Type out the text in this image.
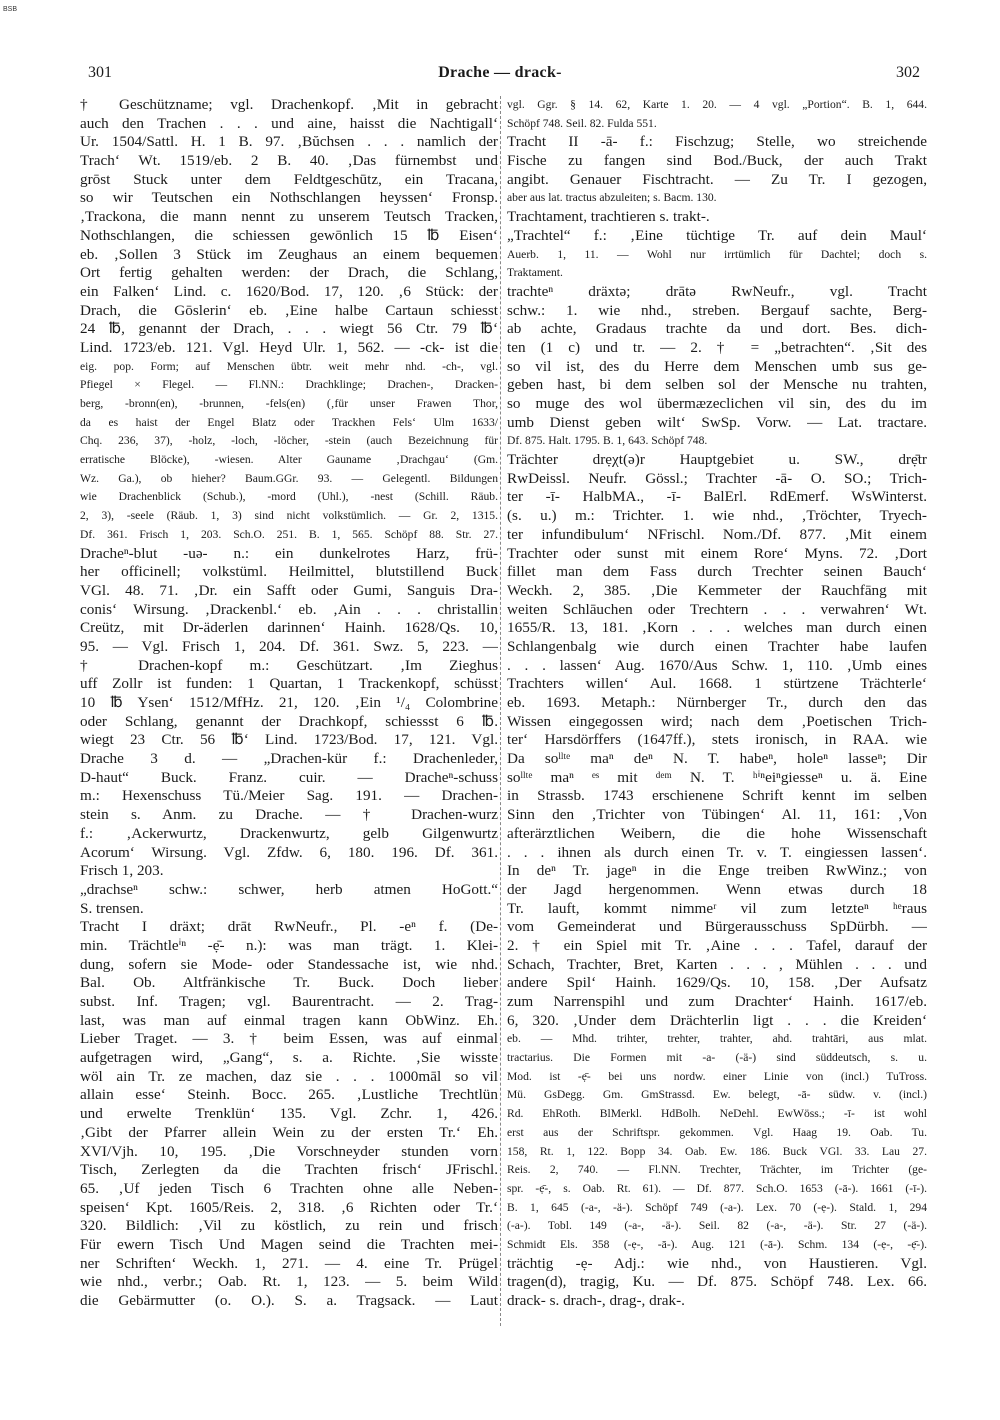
BSB
301	Drache — drack-	302
† Geschützname; vgl. Drachenkopf. ‚Mit in gebracht
auch den Trachen . . . und aine, haisst die Nachtigall‘
Ur. 1504/Sattl. H. 1 B. 97. ‚Bŭchsen . . . namlich der
Trach‘ Wt. 1519/eb. 2 B. 40. ‚Das fürnembst und
grōst Stuck unter dem Feldtgeschūtz, ein Tracana,
so wir Teutschen ein Nothschlangen heyssen‘ Fronsp.
‚Trackona, die mann nennt zu unserem Teutsch Tracken,
Nothschlangen, die schiessen gewōnlich 15 ℔ Eisen‘
eb. ‚Sollen 3 Stück im Zeughaus an einem bequemen
Ort fertig gehalten werden: der Drach, die Schlang,
ein Falken‘ Lind. c. 1620/Bod. 17, 120. ‚6 Stück: der
Drach, die Gōslerin‘ eb. ‚Eine halbe Cartaun schiesst
24 ℔, genannt der Drach, . . . wiegt 56 Ctr. 79 ℔‘
Lind. 1723/eb. 121. Vgl. Heyd Ulr. 1, 562. — -ck- ist die
eig. pop. Form; auf Menschen übtr. weit mehr nhd. -ch-, vgl.
Pfiegel × Flegel. — Fl.NN.: Drachklinge; Drachen-, Dracken-
berg, -bronn(en), -brunnen, -fels(en) (‚für unser Frawen Thor,
da es haist der Engel Blatz oder Trackhen Fels‘ Ulm 1633/
Chq. 236, 37), -holz, -loch, -löcher, -stein (auch Bezeichnung für
erratische Blöcke), -wiesen. Alter Gauname ‚Drachgau‘ (Gm.
Wz. Ga.), ob hieher? Baum.GGr. 93. — Gelegentl. Bildungen
wie Drachenblick (Schub.), -mord (Uhl.), -nest (Schill. Räub.
2, 3), -seele (Räub. 1, 3) sind nicht volkstümlich. — Gr. 2, 1315.
Df. 361. Frisch 1, 203. Sch.O. 251. B. 1, 565. Schöpf 88. Str. 27.
Dracheⁿ-blut -uə- n.: ein dunkelrotes Harz, frü-
her officinell; volkstüml. Heilmittel, blutstillend Buck
VGl. 48. 71. ‚Dr. ein Safft oder Gumi, Sanguis Dra-
conis‘ Wirsung. ‚Drackenbl.‘ eb. ‚Ain . . . christallin
Creütz, mit Dr-äderlen darinnen‘ Hainh. 1628/Qs. 10,
95. — Vgl. Frisch 1, 204. Df. 361. Swz. 5, 223. —
† Drachen-kopf m.: Geschützart. ‚Im Zieghus
uff Zollr ist funden: 1 Quartan, 1 Trackenkopf, schüsst
10 ℔ Ysen‘ 1512/MfHz. 21, 120. ‚Ein ¹/₄ Colombrine
oder Schlang, genannt der Drachkopf, schiessst 6 ℔.
wiegt 23 Ctr. 56 ℔‘ Lind. 1723/Bod. 17, 121. Vgl.
Drache 3 d. — „Drachen-kür f.: Drachenleder,
D-haut“ Buck. Franz. cuir. — Dracheⁿ-schuss
m.: Hexenschuss Tü./Meier Sag. 191. — Drachen-
stein s. Anm. zu Drache. — † Drachen-wurz
f.: ‚Ackerwurtz, Drackenwurtz, gelb Gilgenwurtz
Acorum‘ Wirsung. Vgl. Zfdw. 6, 180. 196. Df. 361.
Frisch 1, 203.
„drachseⁿ schw.: schwer, herb atmen HoGott.“
S. trensen.
Tracht I dräxt; drāt RwNeufr., Pl. -eⁿ f. (De-
min. Trächtleⁱⁿ -ẹ̄- n.): was man trägt. 1. Klei-
dung, sofern sie Mode- oder Standessache ist, wie nhd.
Bal. Ob. Altfränkische Tr. Buck. Doch lieber
subst. Inf. Tragen; vgl. Baurentracht. — 2. Trag-
last, was man auf einmal tragen kann ObWinz. Eh.
Lieber Traget. — 3. † beim Essen, was auf einmal
aufgetragen wird, „Gang“, s. a. Richte. ‚Sie wisste
wöl ain Tr. ze machen, daz sie . . . 1000māl so vil
allain esse‘ Steinh. Bocc. 265. ‚Lustliche Trechtlün
und erwelte Trenklün‘ 135. Vgl. Zchr. 1, 426.
‚Gibt der Pfarrer allein Wein zu der ersten Tr.‘ Eh.
XVI/Vjh. 10, 195. ‚Die Vorschneyder stunden vorn
Tisch, Zerlegten da die Trachten frisch‘ JFrischl.
65. ‚Uf jeden Tisch 6 Trachten ohne alle Neben-
speisen‘ Kpt. 1605/Reis. 2, 318. ‚6 Richten oder Tr.‘
320. Bildlich: ‚Vil zu köstlich, zu rein und frisch
Für ewern Tisch Und Magen seind die Trachten mei-
ner Schriften‘ Weckh. 1, 271. — 4. eine Tr. Prügel
wie nhd., verbr.; Oab. Rt. 1, 123. — 5. beim Wild
die Gebärmutter (o. O.). S. a. Tragsack. — Laut
vgl. Ggr. § 14. 62, Karte 1. 20. — 4 vgl. „Portion“. B. 1, 644.
Schöpf 748. Seil. 82. Fulda 551.
Tracht II -ā- f.: Fischzug; Stelle, wo streichende
Fische zu fangen sind Bod./Buck, der auch Trakt
angibt. Genauer Fischtracht. — Zu Tr. I gezogen,
aber aus lat. tractus abzuleiten; s. Bacm. 130.
Trachtament, trachtieren s. trakt-.
„Trachtel“ f.: ‚Eine tüchtige Tr. auf dein Maul‘
Auerb. 1, 11. — Wohl nur irrtümlich für Dachtel; doch s.
Traktament.
trachteⁿ dräxtə; drātə RwNeufr., vgl. Tracht
schw.: 1. wie nhd., streben. Bergauf sachte, Berg-
ab achte, Gradaus trachte da und dort. Bes. dich-
ten (1 c) und tr. — 2. † = „betrachten“. ‚Sit des
so vil ist, des du Herre dem Menschen umb sus ge-
geben hast, bi dem selben sol der Mensche nu trahten,
so muge des wol übermæzeclichen vil sin, des du im
umb Dienst geben wilt‘ SwSp. Vorw. — Lat. tractare.
Df. 875. Halt. 1795. B. 1, 643. Schöpf 748.
Trächter drẹχt(ə)r Hauptgebiet u. SW., drẹ̄tr
RwDeissl. Neufr. Gössl.; Trachter -ā- O. SO.; Trich-
ter -ī- HalbMA., -ī- BalErl. RdEmerf. WsWinterst.
(s. u.) m.: Trichter. 1. wie nhd., ‚Tröchter, Tryech-
ter infundibulum‘ NFrischl. Nom./Df. 877. ‚Mit einem
Trachter oder sunst mit einem Rore‘ Myns. 72. ‚Dort
fillet man dem Fass durch Trechter seinen Bauch‘
Weckh. 2, 385. ‚Die Kemmeter der Rauchfāng mit
weiten Schlāuchen oder Trechtern . . . verwahren‘ Wt.
1655/R. 13, 181. ‚Korn . . . welches man durch einen
Schlangenbalg wie durch einen Trachter habe laufen
. . . lassen‘ Aug. 1670/Aus Schw. 1, 110. ‚Umb eines
Trachters willen‘ Aul. 1668. 1 stürtzene Trächterle‘
eb. 1693. Metaph.: Nürnberger Tr., durch den das
Wissen eingegossen wird; nach dem ‚Poetischen Trich-
ter‘ Harsdörffers (1647ff.), stets ironisch, in RAA. wie
Da soˡˡᵗᵉ maⁿ deⁿ N. T. habeⁿ, holeⁿ lasseⁿ; Dir
soˡˡᵗᵉ maⁿ ᵉˢ mit ᵈᵉᵐ N. T. ʰⁱⁿeiⁿgiesseⁿ u. ä. Eine
in Strassb. 1743 erschienene Schrift kennt im selben
Sinn den ‚Trichter von Tübingen‘ Al. 11, 161: ‚Von
afterärztlichen Weibern, die die hohe Wissenschaft
. . . ihnen als durch einen Tr. v. T. eingiessen lassen‘.
In deⁿ Tr. jageⁿ in die Enge treiben RwWinz.; von
der Jagd hergenommen. Wenn etwas durch 18
Tr. lauft, kommt nimmeʳ vil zum letzteⁿ ʰᵉraus
vom Gemeinderat und Bürgerausschuss SpDürbh. —
2. † ein Spiel mit Tr. ‚Aine . . . Tafel, darauf der
Schach, Trachter, Bret, Karten . . . , Mühlen . . . und
andere Spil‘ Hainh. 1629/Qs. 10, 158. ‚Der Aufsatz
zum Narrenspihl und zum Drachter‘ Hainh. 1617/eb.
6, 320. ‚Under dem Drächterlin ligt . . . die Kreiden‘
eb. — Mhd. trihter, trehter, trahter, ahd. trahtāri, aus mlat.
tractarius. Die Formen mit -a- (-ä-) sind süddeutsch, s. u.
Mod. ist -ẹ̄- bei uns nordw. einer Linie von (incl.) TuTross.
Mü. GsDegg. Gm. GmStrassd. Ew. belegt, -ā- südw. v. (incl.)
Rd. EhRoth. BlMerkl. HdBolh. NeDehl. EwWöss.; -ī- ist wohl
erst aus der Schriftspr. gekommen. Vgl. Haag 19. Oab. Tu.
158, Rt. 1, 122. Bopp 34. Oab. Ew. 186. Buck VGl. 33. Lau 27.
Reis. 2, 740. — Fl.NN. Trechter, Trächter, im Trichter (ge-
spr. -ẹ̄-, s. Oab. Rt. 61). — Df. 877. Sch.O. 1653 (-ā-). 1661 (-ī-).
B. 1, 645 (-a-, -ä-). Schöpf 749 (-a-). Lex. 70 (-ẹ-). Stald. 1, 294
(-a-). Tobl. 149 (-a-, -ä-). Seil. 82 (-a-, -ä-). Str. 27 (-ä-).
Schmidt Els. 358 (-ẹ-, -ā-). Aug. 121 (-ā-). Schm. 134 (-ẹ-, -ẹ̄-).
trächtig -ẹ- Adj.: wie nhd., von Haustieren. Vgl.
tragen(d), tragig, Ku. — Df. 875. Schöpf 748. Lex. 66.
drack- s. drach-, drag-, drak-.
